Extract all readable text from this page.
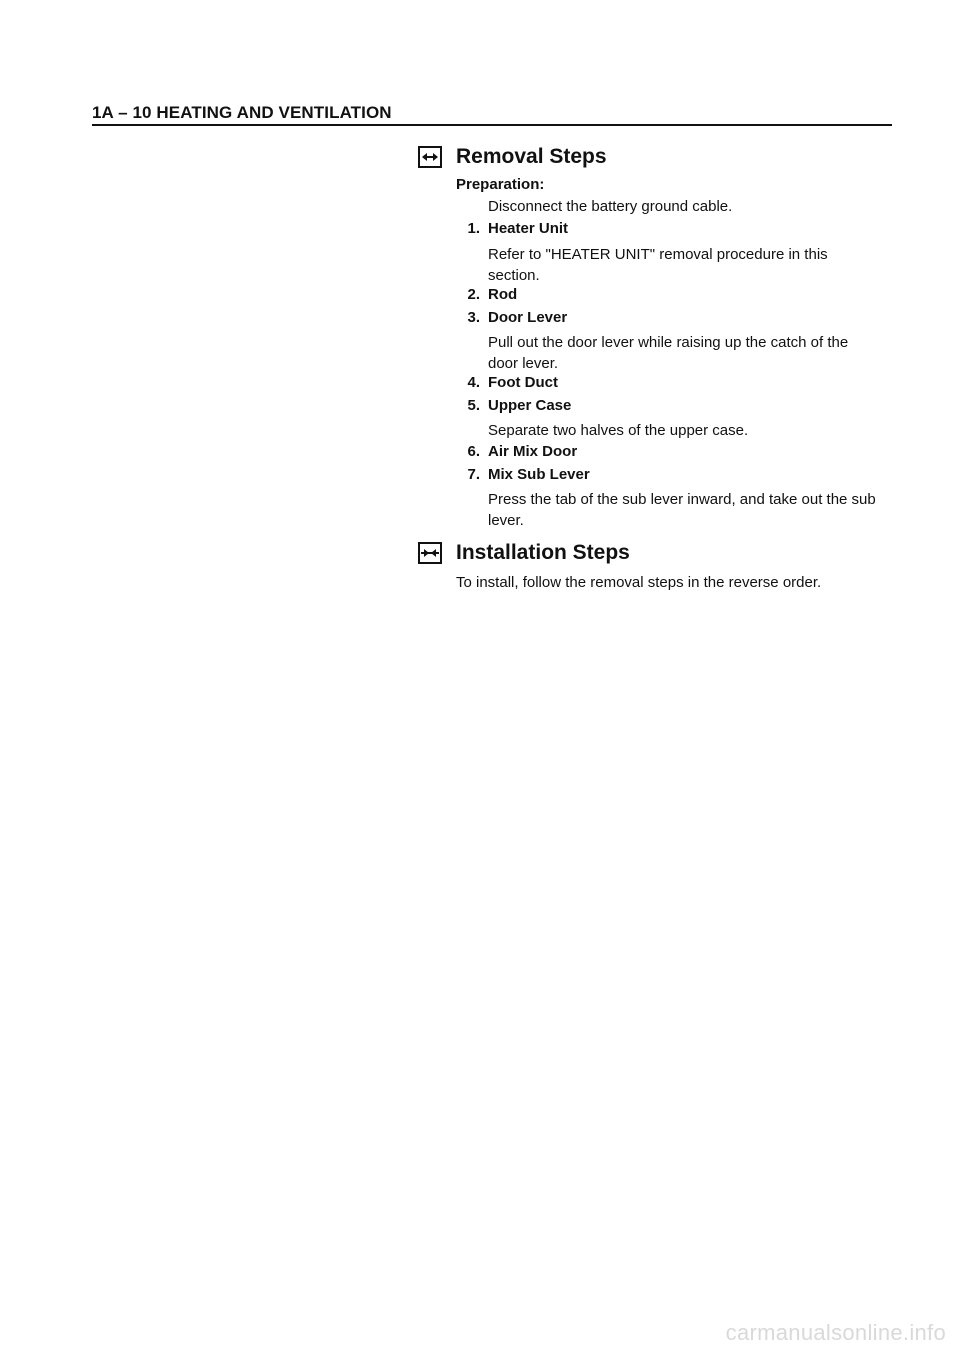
1A – 10 HEATING AND VENTILATION
Removal Steps
Preparation:
Disconnect the battery ground cable.
1. Heater Unit
Refer to "HEATER UNIT" removal procedure in this section.
2. Rod
3. Door Lever
Pull out the door lever while raising up the catch of the door lever.
4. Foot Duct
5. Upper Case
Separate two halves of the upper case.
6. Air Mix Door
7. Mix Sub Lever
Press the tab of the sub lever inward, and take out the sub lever.
Installation Steps
To install, follow the removal steps in the reverse order.
carmanualsonline.info
